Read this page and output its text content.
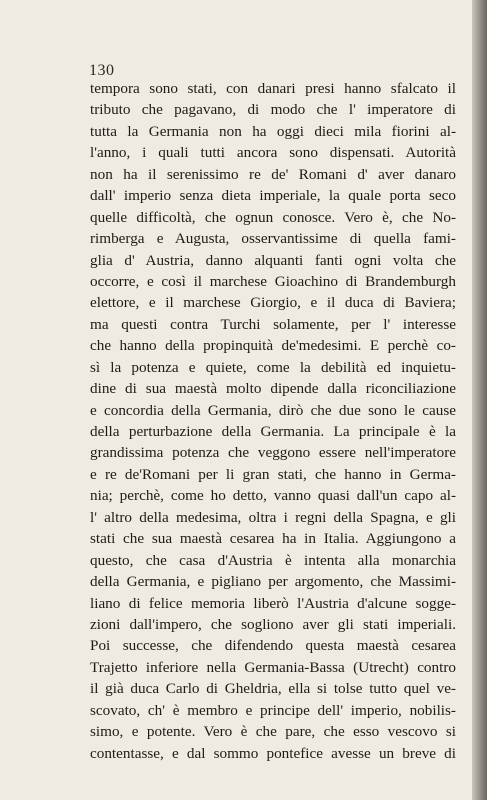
130

tempora sono stati, con danari presi hanno sfalcato il
tributo che pagavano, di modo che l' imperatore di
tutta la Germania non ha oggi dieci mila fiorini al-
l'anno, i quali tutti ancora sono dispensati. Autorità
non ha il serenissimo re de' Romani d' aver danaro
dall' imperio senza dieta imperiale, la quale porta seco
quelle difficoltà, che ognun conosce. Vero è, che No-
rimberga e Augusta, osservantissime di quella fami-
glia d' Austria, danno alquanti fanti ogni volta che
occorre, e così il marchese Gioachino di Brandemburgh
elettore, e il marchese Giorgio, e il duca di Baviera;
ma questi contra Turchi solamente, per l' interesse
che hanno della propinquità de'medesimi. E perchè co-
sì la potenza e quiete, come la debilità ed inquietu-
dine di sua maestà molto dipende dalla riconciliazione
e concordia della Germania, dirò che due sono le cause
della perturbazione della Germania. La principale è la
grandissima potenza che veggono essere nell'imperatore
e re de'Romani per li gran stati, che hanno in Germa-
nia; perchè, come ho detto, vanno quasi dall'un capo al-
l' altro della medesima, oltra i regni della Spagna, e gli
stati che sua maestà cesarea ha in Italia. Aggiungono a
questo, che casa d'Austria è intenta alla monarchia
della Germania, e pigliano per argomento, che Massimi-
liano di felice memoria liberò l'Austria d'alcune sogge-
zioni dall'impero, che sogliono aver gli stati imperiali.
Poi successe, che difendendo questa maestà cesarea
Trajetto inferiore nella Germania-Bassa (Utrecht) contro
il già duca Carlo di Gheldria, ella si tolse tutto quel ve-
scovato, ch' è membro e principe dell' imperio, nobilis-
simo, e potente. Vero è che pare, che esso vescovo si
contentasse, e dal sommo pontefice avesse un breve di
